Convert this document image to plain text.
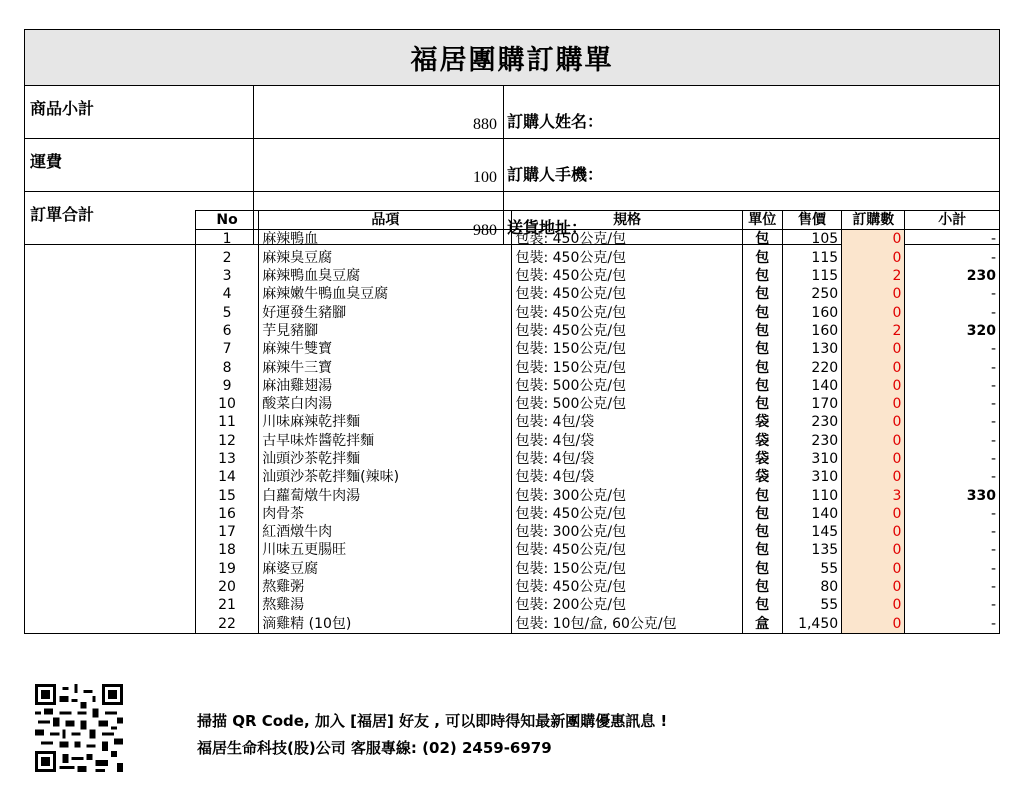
福居團購訂購單		
商品小計	880	訂購人姓名：
運費	100	訂購人手機：
訂單合計	980	送貨地址：
	No	品項	規格	單位	售價	訂購數	小計
	1	麻辣鴨血	包裝: 450公克/包	包	105	0	-
	2	麻辣臭豆腐	包裝: 450公克/包	包	115	0	-
	3	麻辣鴨血臭豆腐	包裝: 450公克/包	包	115	2	230
	4	麻辣嫩牛鴨血臭豆腐	包裝: 450公克/包	包	250	0	-
	5	好運發生豬腳	包裝: 450公克/包	包	160	0	-
	6	芋見豬腳	包裝: 450公克/包	包	160	2	320
	7	麻辣牛雙寶	包裝: 150公克/包	包	130	0	-
	8	麻辣牛三寶	包裝: 150公克/包	包	220	0	-
	9	麻油雞翅湯	包裝: 500公克/包	包	140	0	-
	10	酸菜白肉湯	包裝: 500公克/包	包	170	0	-
	11	川味麻辣乾拌麵	包裝: 4包/袋	袋	230	0	-
	12	古早味炸醬乾拌麵	包裝: 4包/袋	袋	230	0	-
	13	汕頭沙茶乾拌麵	包裝: 4包/袋	袋	310	0	-
	14	汕頭沙茶乾拌麵(辣味)	包裝: 4包/袋	袋	310	0	-
	15	白蘿蔔燉牛肉湯	包裝: 300公克/包	包	110	3	330
	16	肉骨茶	包裝: 450公克/包	包	140	0	-
	17	紅酒燉牛肉	包裝: 300公克/包	包	145	0	-
	18	川味五更腸旺	包裝: 450公克/包	包	135	0	-
	19	麻婆豆腐	包裝: 150公克/包	包	55	0	-
	20	熬雞粥	包裝: 450公克/包	包	80	0	-
	21	熬雞湯	包裝: 200公克/包	包	55	0	-
	22	滴雞精 (10包)	包裝: 10包/盒, 60公克/包	盒	1,450	0	-
掃描 QR Code, 加入 [福居] 好友 , 可以即時得知最新團購優惠訊息 !
福居生命科技(股)公司 客服專線: (02) 2459-6979
